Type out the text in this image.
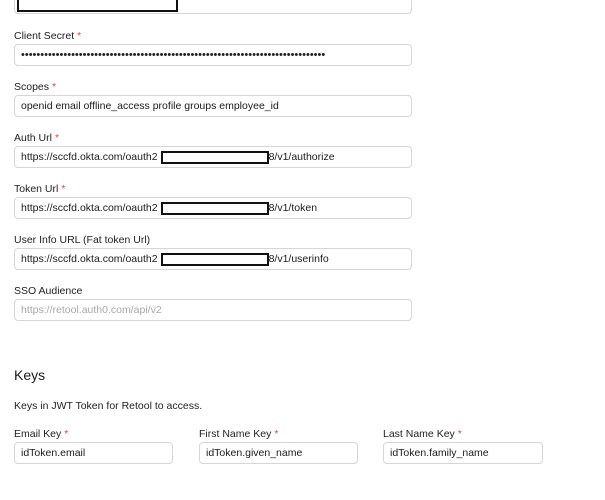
Client Secret *
•••••••••••••••••••••••••••••••••••••••••••••••••••••••••••••••••••••••••••••••
Scopes *
openid email offline_access profile groups employee_id
Auth Url *
https://sccfd.okta.com/oauth2	8/v1/authorize
Token Url *
https://sccfd.okta.com/oauth2	8/v1/token
User Info URL (Fat token Url)
https://sccfd.okta.com/oauth2	8/v1/userinfo
SSO Audience
https://retool.auth0.com/api/v2
Keys
Keys in JWT Token for Retool to access.
Email Key *
idToken.email
First Name Key *
idToken.given_name
Last Name Key *
idToken.family_name
